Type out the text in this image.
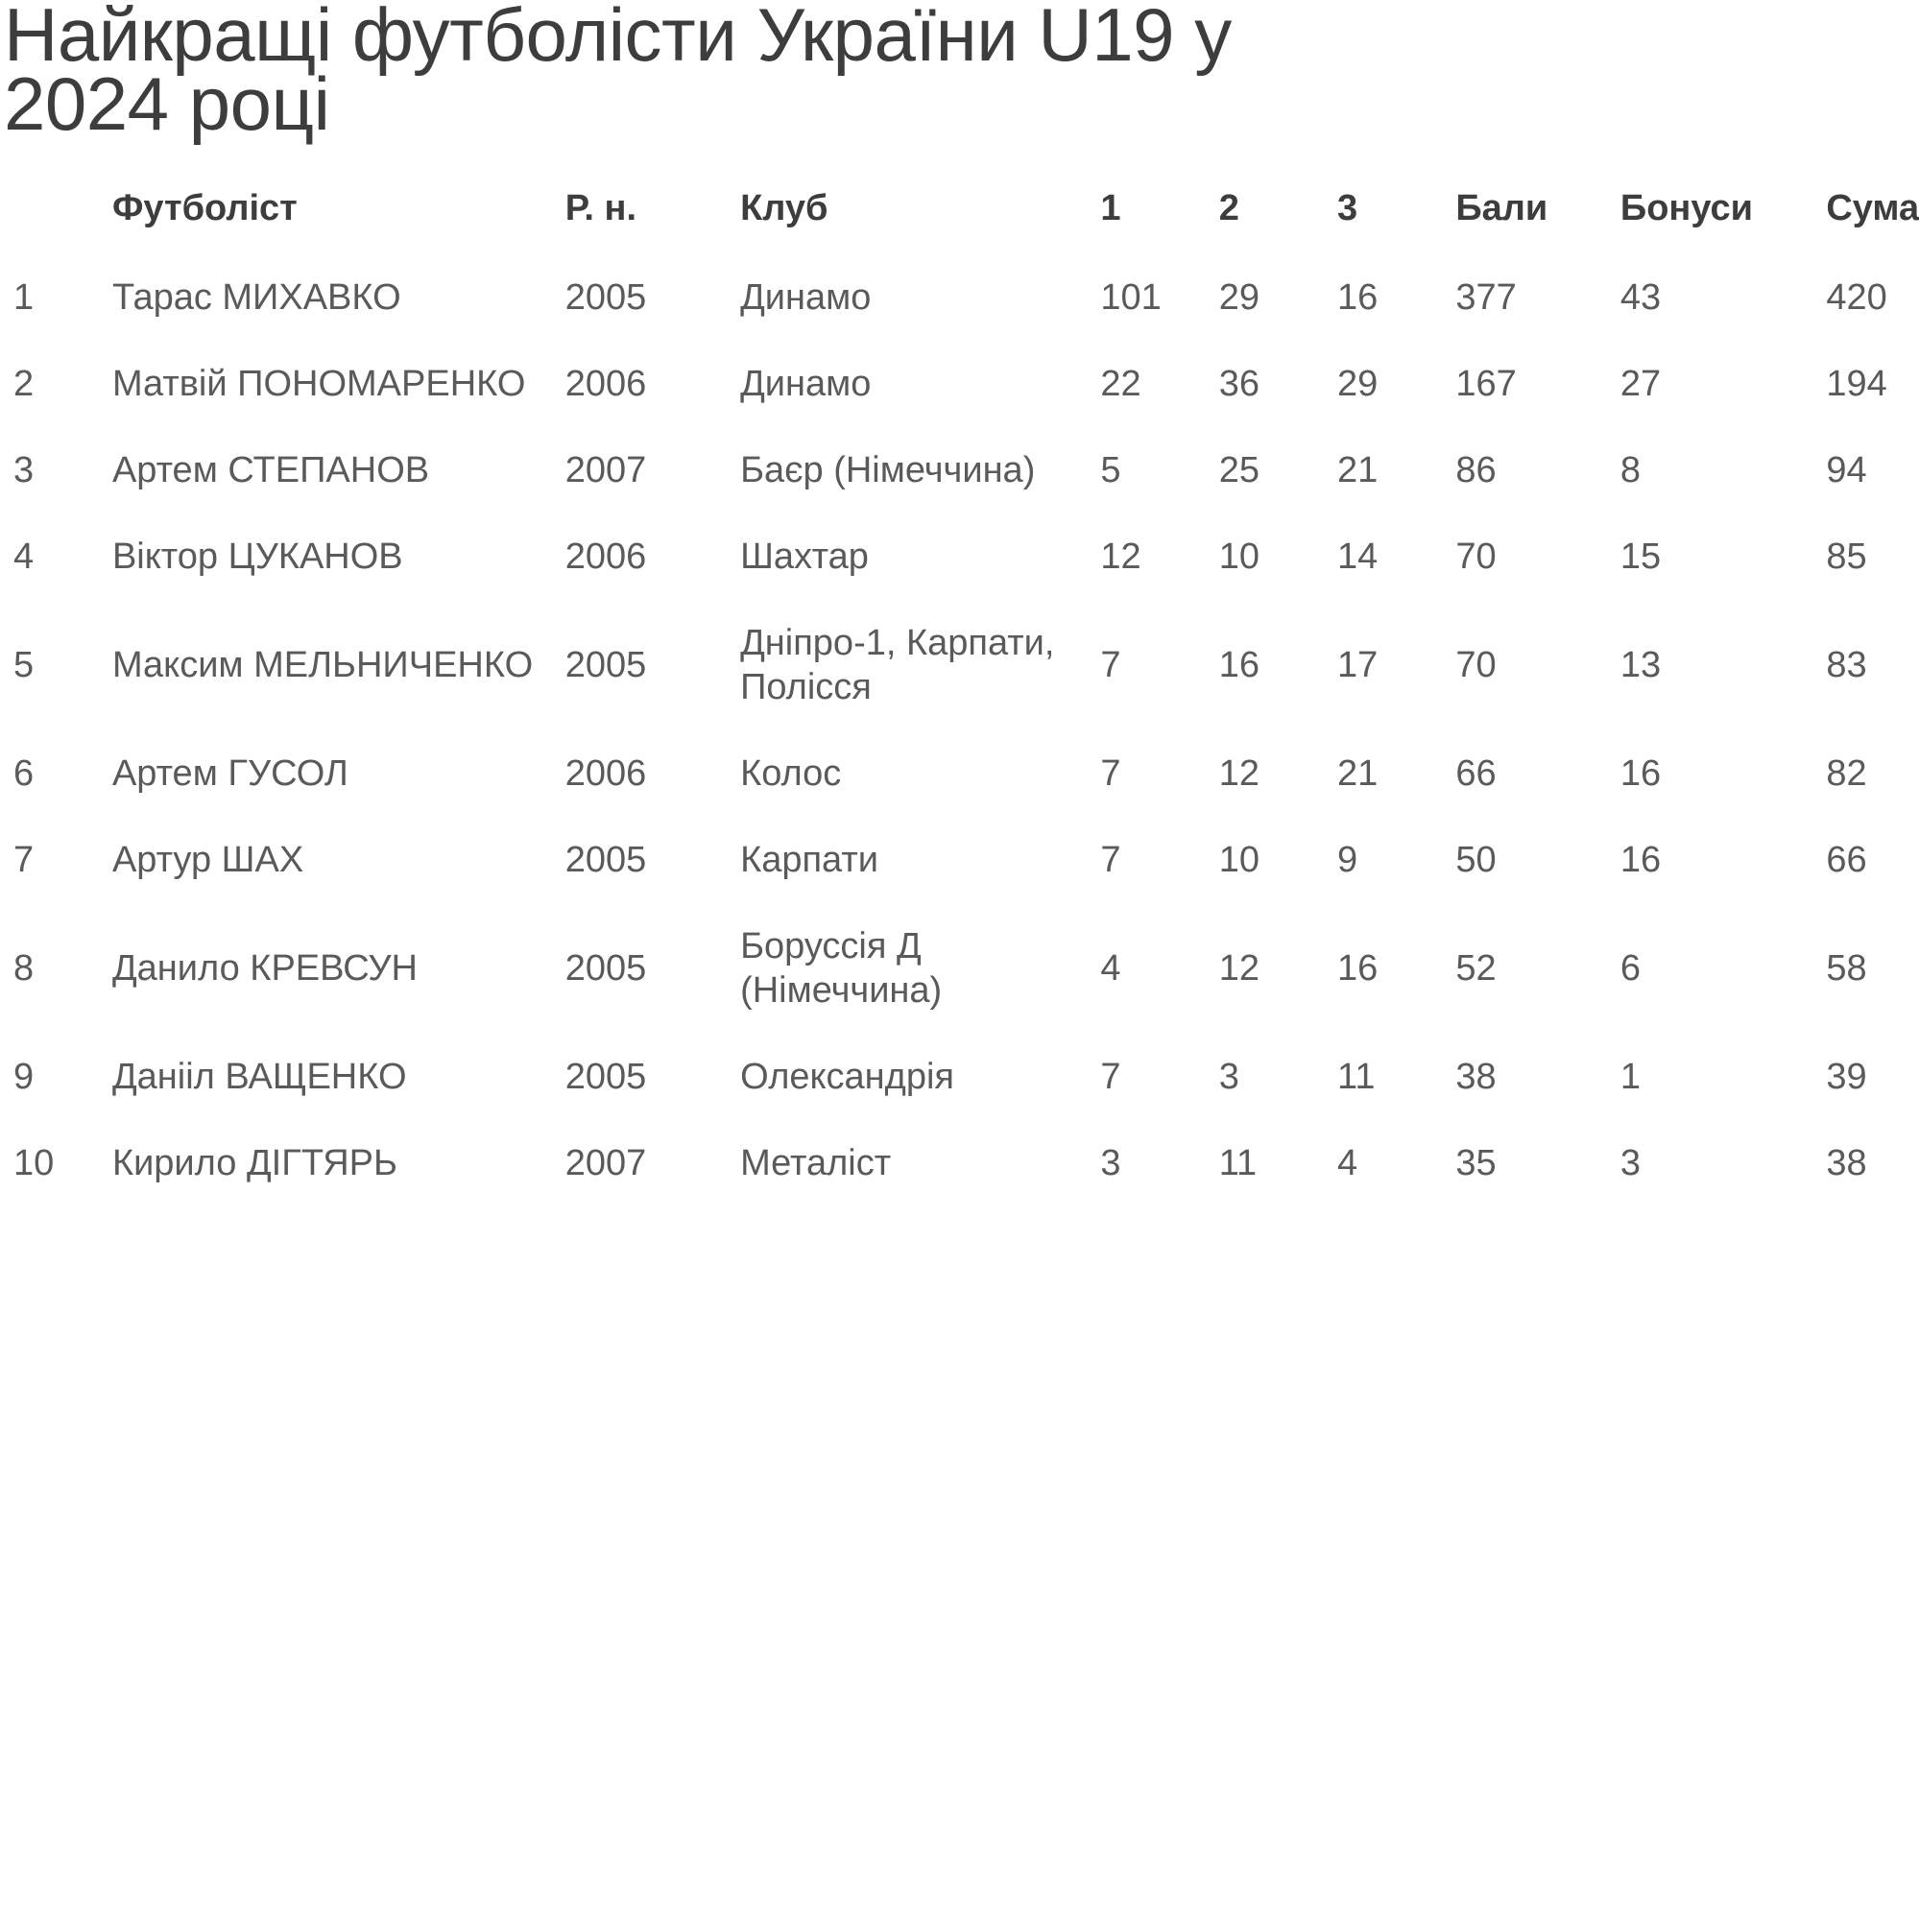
Найкращі футболісти України U19 у
2024 році
	Футболіст	Р. н.	Клуб	1	2	3	Бали	Бонуси	Сума
1	Тарас МИХАВКО	2005	Динамо	101	29	16	377	43	420
2	Матвій ПОНОМАРЕНКО	2006	Динамо	22	36	29	167	27	194
3	Артем СТЕПАНОВ	2007	Баєр (Німеччина)	5	25	21	86	8	94
4	Віктор ЦУКАНОВ	2006	Шахтар	12	10	14	70	15	85
5	Максим МЕЛЬНИЧЕНКО	2005	Дніпро-1, Карпати, Полісся	7	16	17	70	13	83
6	Артем ГУСОЛ	2006	Колос	7	12	21	66	16	82
7	Артур ШАХ	2005	Карпати	7	10	9	50	16	66
8	Данило КРЕВСУН	2005	Боруссія Д (Німеччина)	4	12	16	52	6	58
9	Данііл ВАЩЕНКО	2005	Олександрія	7	3	11	38	1	39
10	Кирило ДІГТЯРЬ	2007	Металіст	3	11	4	35	3	38
